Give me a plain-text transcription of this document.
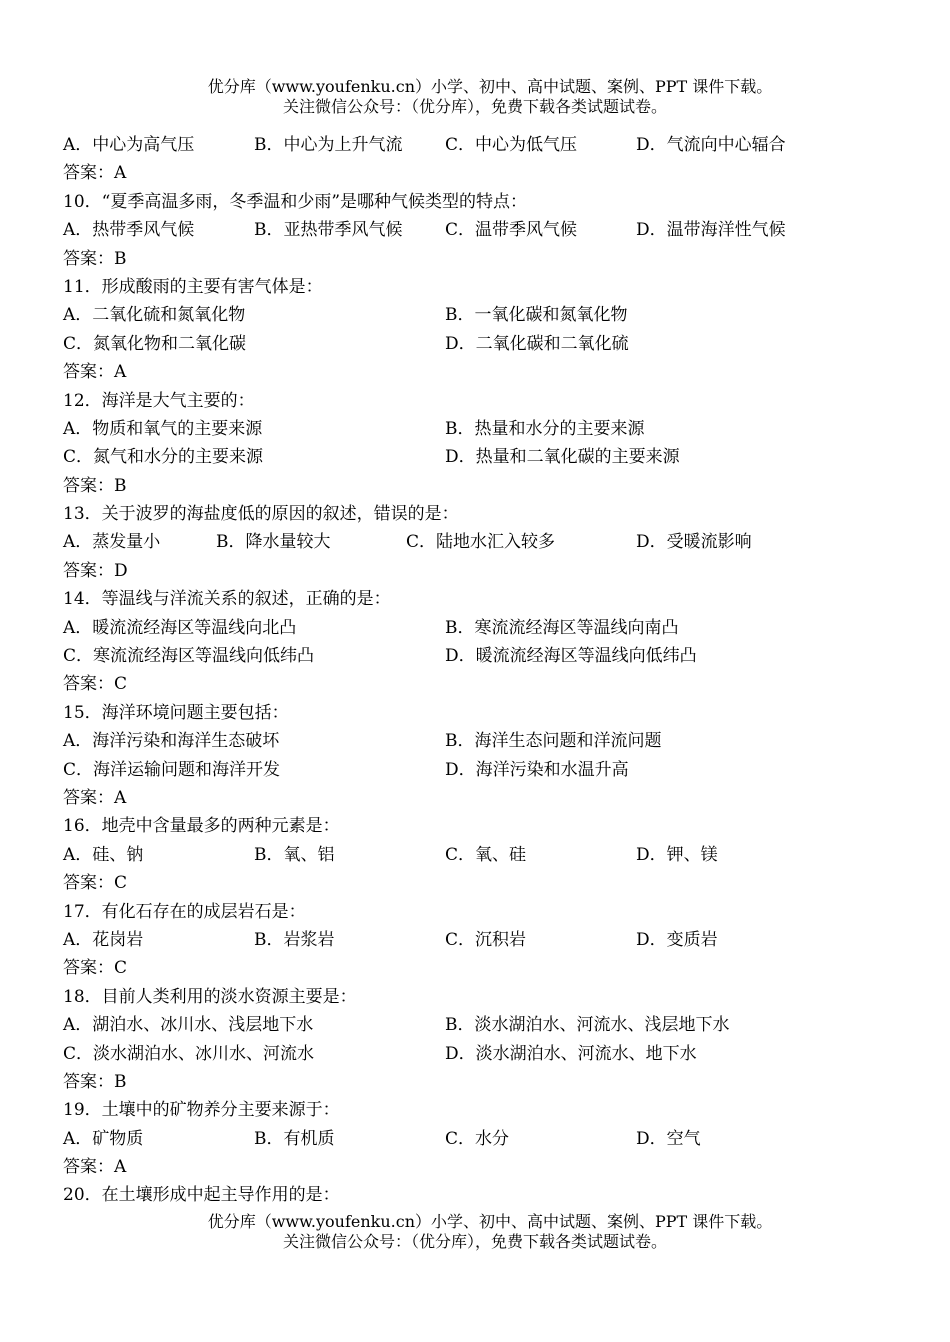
优分库（www.youfenku.cn）小学、初中、高中试题、案例、PPT 课件下载。
关注微信公众号：（优分库），免费下载各类试题试卷。
A．中心为高气压	B．中心为上升气流	C．中心为低气压	D．气流向中心辐合
答案：A
10．“夏季高温多雨，冬季温和少雨”是哪种气候类型的特点：
A．热带季风气候	B．亚热带季风气候	C．温带季风气候	D．温带海洋性气候
答案：B
11．形成酸雨的主要有害气体是：
A．二氧化硫和氮氧化物	B．一氧化碳和氮氧化物
C．氮氧化物和二氧化碳	D．二氧化碳和二氧化硫
答案：A
12．海洋是大气主要的：
A．物质和氧气的主要来源	B．热量和水分的主要来源
C．氮气和水分的主要来源	D．热量和二氧化碳的主要来源
答案：B
13．关于波罗的海盐度低的原因的叙述，错误的是：
A．蒸发量小	B．降水量较大	C．陆地水汇入较多	D．受暖流影响
答案：D
14．等温线与洋流关系的叙述，正确的是：
A．暖流流经海区等温线向北凸	B．寒流流经海区等温线向南凸
C．寒流流经海区等温线向低纬凸	D．暖流流经海区等温线向低纬凸
答案：C
15．海洋环境问题主要包括：
A．海洋污染和海洋生态破坏	B．海洋生态问题和洋流问题
C．海洋运输问题和海洋开发	D．海洋污染和水温升高
答案：A
16．地壳中含量最多的两种元素是：
A．硅、钠	B．氧、铝	C．氧、硅	D．钾、镁
答案：C
17．有化石存在的成层岩石是：
A．花岗岩	B．岩浆岩	C．沉积岩	D．变质岩
答案：C
18．目前人类利用的淡水资源主要是：
A．湖泊水、冰川水、浅层地下水	B．淡水湖泊水、河流水、浅层地下水
C．淡水湖泊水、冰川水、河流水	D．淡水湖泊水、河流水、地下水
答案：B
19．土壤中的矿物养分主要来源于：
A．矿物质	B．有机质	C．水分	D．空气
答案：A
20．在土壤形成中起主导作用的是：
优分库（www.youfenku.cn）小学、初中、高中试题、案例、PPT 课件下载。
关注微信公众号：（优分库），免费下载各类试题试卷。
